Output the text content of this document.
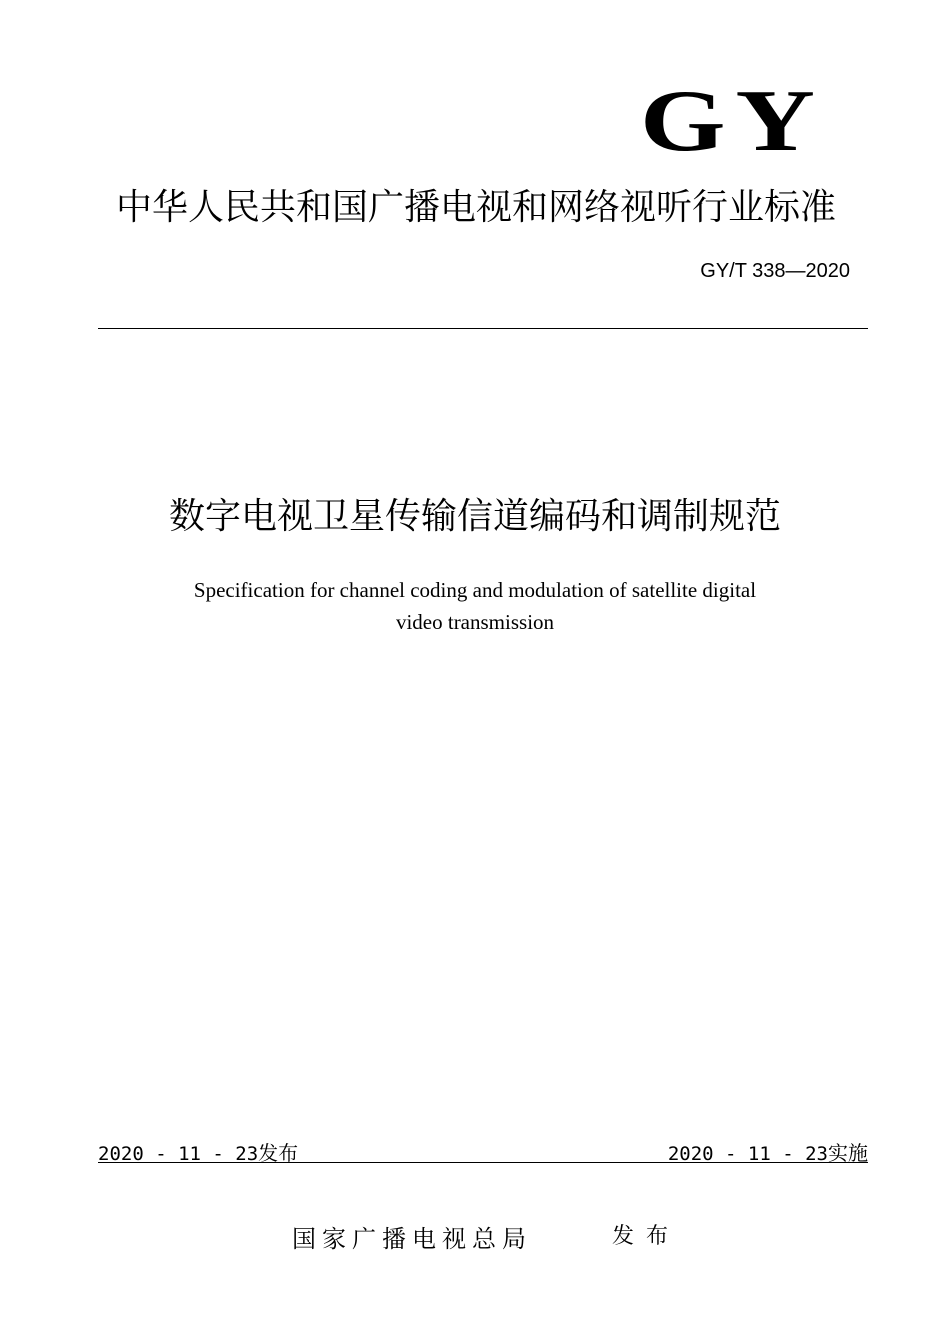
GY
中华人民共和国广播电视和网络视听行业标准
GY/T 338—2020
数字电视卫星传输信道编码和调制规范
Specification for channel coding and modulation of satellite digital
video transmission
2020 - 11 - 23发布	2020 - 11 - 23实施
国家广播电视总局	发布
